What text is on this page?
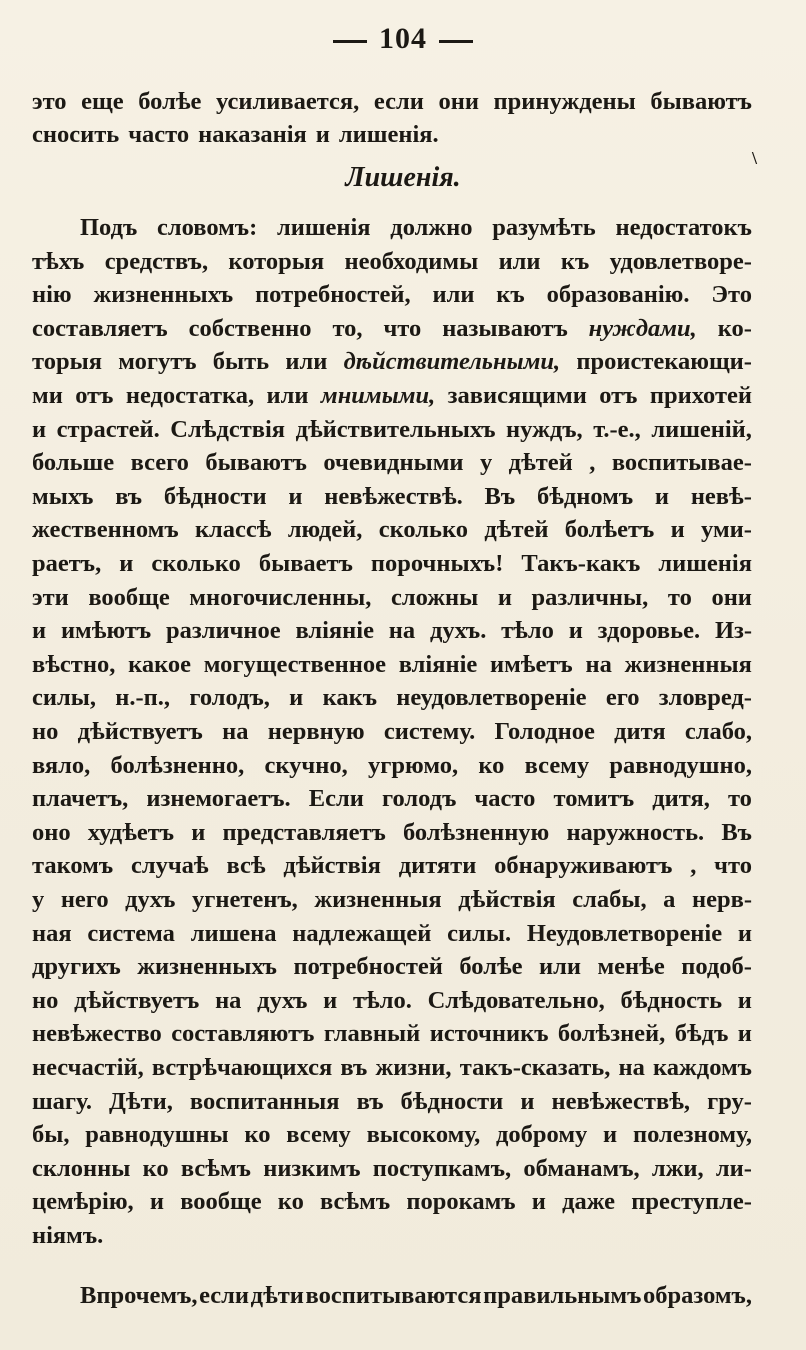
104
это еще болѣе усиливается, если они принуждены бываютъ
сносить часто наказанія и лишенія.
Лишенія.
\
Подъ словомъ: лишенія должно разумѣть недостатокъ
тѣхъ средствъ, которыя необходимы или къ удовлетворе-
нію жизненныхъ потребностей, или къ образованію. Это
составляетъ собственно то, что называютъ нуждами, ко-
торыя могутъ быть или дѣйствительными, проистекающи-
ми отъ недостатка, или мнимыми, зависящими отъ прихотей
и страстей. Слѣдствія дѣйствительныхъ нуждъ, т.-е., лишеній,
больше всего бываютъ очевидными у дѣтей , воспитывае-
мыхъ въ бѣдности и невѣжествѣ. Въ бѣдномъ и невѣ-
жественномъ классѣ людей, сколько дѣтей болѣетъ и уми-
раетъ, и сколько бываетъ порочныхъ! Такъ-какъ лишенія
эти вообще многочисленны, сложны и различны, то они
и имѣютъ различное вліяніе на духъ. тѣло и здоровье. Из-
вѣстно, какое могущественное вліяніе имѣетъ на жизненныя
силы, н.-п., голодъ, и какъ неудовлетвореніе его зловред-
но дѣйствуетъ на нервную систему. Голодное дитя слабо,
вяло, болѣзненно, скучно, угрюмо, ко всему равнодушно,
плачетъ, изнемогаетъ. Если голодъ часто томитъ дитя, то
оно худѣетъ и представляетъ болѣзненную наружность. Въ
такомъ случаѣ всѣ дѣйствія дитяти обнаруживаютъ , что
у него духъ угнетенъ, жизненныя дѣйствія слабы, а нерв-
ная система лишена надлежащей силы. Неудовлетвореніе и
другихъ жизненныхъ потребностей болѣе или менѣе подоб-
но дѣйствуетъ на духъ и тѣло. Слѣдовательно, бѣдность и
невѣжество составляютъ главный источникъ болѣзней, бѣдъ и
несчастій, встрѣчающихся въ жизни, такъ-сказать, на каждомъ
шагу. Дѣти, воспитанныя въ бѣдности и невѣжествѣ, гру-
бы, равнодушны ко всему высокому, доброму и полезному,
склонны ко всѣмъ низкимъ поступкамъ, обманамъ, лжи, ли-
цемѣрію, и вообще ко всѣмъ порокамъ и даже преступле-
ніямъ.
Впрочемъ, если дѣти воспитываются правильнымъ образомъ,
